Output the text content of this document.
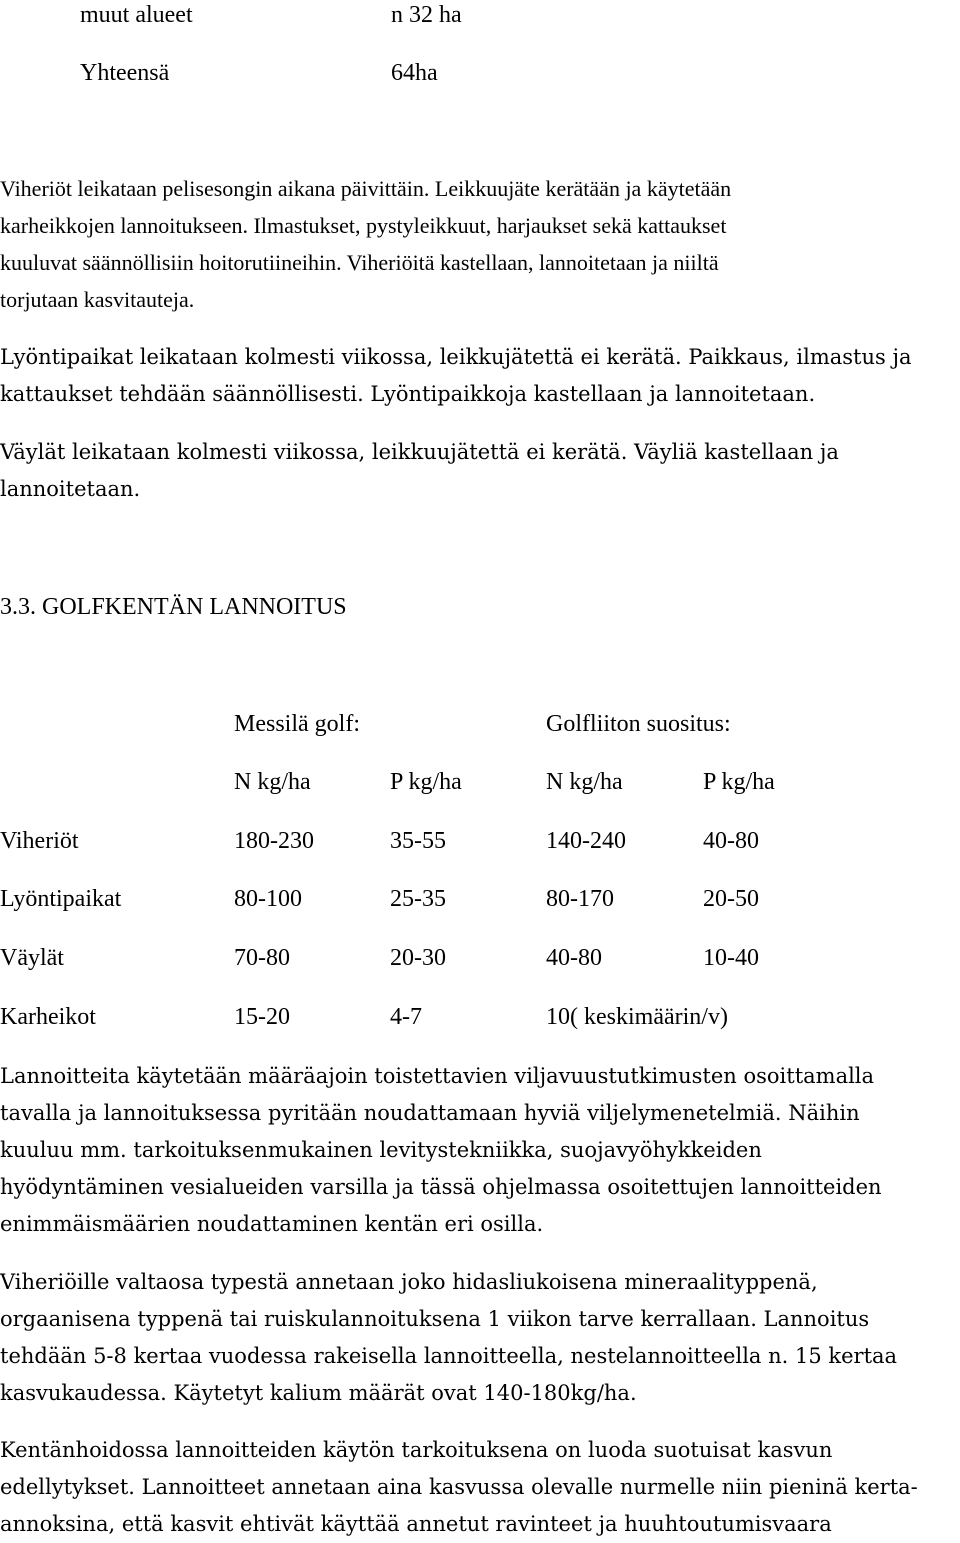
muut alueet	n 32 ha
Yhteensä	64ha
Viheriöt leikataan pelisesongin aikana päivittäin. Leikkuujäte kerätään ja käytetään
karheikkojen lannoitukseen. Ilmastukset, pystyleikkuut, harjaukset sekä kattaukset
kuuluvat säännöllisiin hoitorutiineihin. Viheriöitä kastellaan, lannoitetaan ja niiltä
torjutaan kasvitauteja.
Lyöntipaikat leikataan kolmesti viikossa, leikkujätettä ei kerätä. Paikkaus, ilmastus ja
kattaukset tehdään säännöllisesti. Lyöntipaikkoja kastellaan ja lannoitetaan.
Väylät leikataan kolmesti viikossa, leikkuujätettä ei kerätä. Väyliä kastellaan ja
lannoitetaan.
3.3. GOLFKENTÄN LANNOITUS
Messilä golf:	Golfliiton suositus:
N kg/ha	P kg/ha	N kg/ha	P kg/ha
Viheriöt	180-230	35-55	140-240	40-80
Lyöntipaikat	80-100	25-35	80-170	20-50
Väylät	70-80	20-30	40-80	10-40
Karheikot	15-20	4-7	10( keskimäärin/v)
Lannoitteita käytetään määräajoin toistettavien viljavuustutkimusten osoittamalla
tavalla ja lannoituksessa pyritään noudattamaan hyviä viljelymenetelmiä. Näihin
kuuluu mm. tarkoituksenmukainen levitystekniikka, suojavyöhykkeiden
hyödyntäminen vesialueiden varsilla ja tässä ohjelmassa osoitettujen lannoitteiden
enimmäismäärien noudattaminen kentän eri osilla.
Viheriöille valtaosa typestä annetaan joko hidasliukoisena mineraalityppenä,
orgaanisena typpenä tai ruiskulannoituksena 1 viikon tarve kerrallaan. Lannoitus
tehdään 5-8 kertaa vuodessa rakeisella lannoitteella, nestelannoitteella n. 15 kertaa
kasvukaudessa. Käytetyt kalium määrät ovat 140-180kg/ha.
Kentänhoidossa lannoitteiden käytön tarkoituksena on luoda suotuisat kasvun
edellytykset. Lannoitteet annetaan aina kasvussa olevalle nurmelle niin pieninä kerta-
annoksina, että kasvit ehtivät käyttää annetut ravinteet ja huuhtoutumisvaara
